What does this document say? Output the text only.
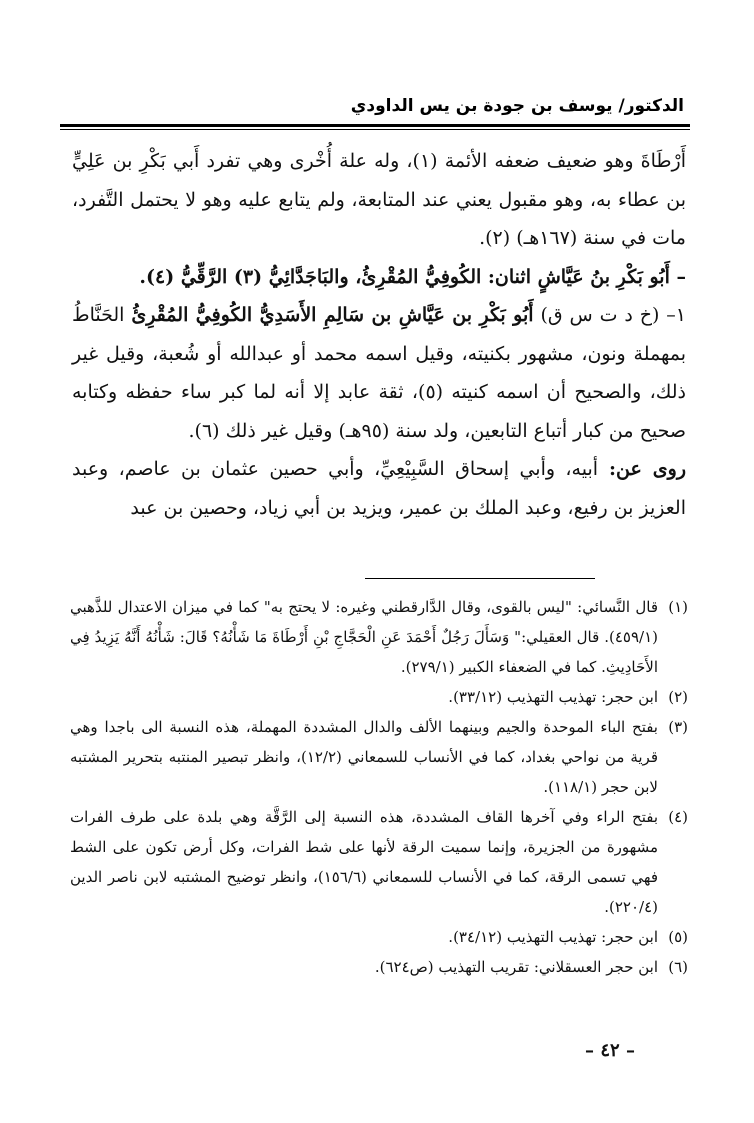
الدكتور/ يوسف بن جودة بن يس الداودي

أَرْطَاةَ وهو ضعيف ضعفه الأئمة (١)، وله علة أُخْرى وهي تفرد أَبي بَكْرِ بن عَلِيٍّ بن عطاء به، وهو مقبول يعني عند المتابعة، ولم يتابع عليه وهو لا يحتمل التَّفرد، مات في سنة (١٦٧هـ) (٢).

– أَبُو بَكْرِ بنُ عَيَّاشٍ اثنان: الكُوفِيُّ المُقْرِئُ، والبَاجَدَّائِيُّ (٣) الرَّقِّيُّ (٤).

١– (خ د ت س ق) أَبُو بَكْرِ بن عَيَّاشِ بن سَالِمِ الأَسَدِيُّ الكُوفِيُّ المُقْرِئُ الحَنَّاطُ بمهملة ونون، مشهور بكنيته، وقيل اسمه محمد أو عبدالله أو شُعبة، وقيل غير ذلك، والصحيح أن اسمه كنيته (٥)، ثقة عابد إلا أنه لما كبر ساء حفظه وكتابه صحيح من كبار أتباع التابعين، ولد سنة (٩٥هـ) وقيل غير ذلك (٦).

روى عن: أبيه، وأبي إسحاق السَّبِيْعِيِّ، وأبي حصين عثمان بن عاصم، وعبد العزيز بن رفيع، وعبد الملك بن عمير، ويزيد بن أبي زياد، وحصين بن عبد

(١)
قال النَّسائي: "ليس بالقوى، وقال الدَّارقطني وغيره: لا يحتج به" كما في ميزان الاعتدال للذَّهبي (٤٥٩/١). قال العقيلي:" وَسَأَلَ رَجُلٌ أَحْمَدَ عَنِ الْحَجَّاجِ بْنِ أَرْطَاةَ مَا شَأْنُهُ؟ قَالَ: شَأْنُهُ أَنَّهُ يَزِيدُ فِي الأَحَادِيثِ. كما في الضعفاء الكبير (٢٧٩/١).
(٢)
ابن حجر: تهذيب التهذيب (٣٣/١٢).
(٣)
بفتح الباء الموحدة والجيم وبينهما الألف والدال المشددة المهملة، هذه النسبة الى باجدا وهي قرية من نواحي بغداد، كما في الأنساب للسمعاني (١٢/٢)، وانظر تبصير المنتبه بتحرير المشتبه لابن حجر (١١٨/١).
(٤)
بفتح الراء وفي آخرها القاف المشددة، هذه النسبة إلى الرَّقَّة وهي بلدة على طرف الفرات مشهورة من الجزيرة، وإنما سميت الرقة لأنها على شط الفرات، وكل أرض تكون على الشط فهي تسمى الرقة، كما في الأنساب للسمعاني (١٥٦/٦)، وانظر توضيح المشتبه لابن ناصر الدين (٢٢٠/٤).
(٥)
ابن حجر: تهذيب التهذيب (٣٤/١٢).
(٦)
ابن حجر العسقلاني: تقريب التهذيب (ص٦٢٤).
– ٤٢ –
